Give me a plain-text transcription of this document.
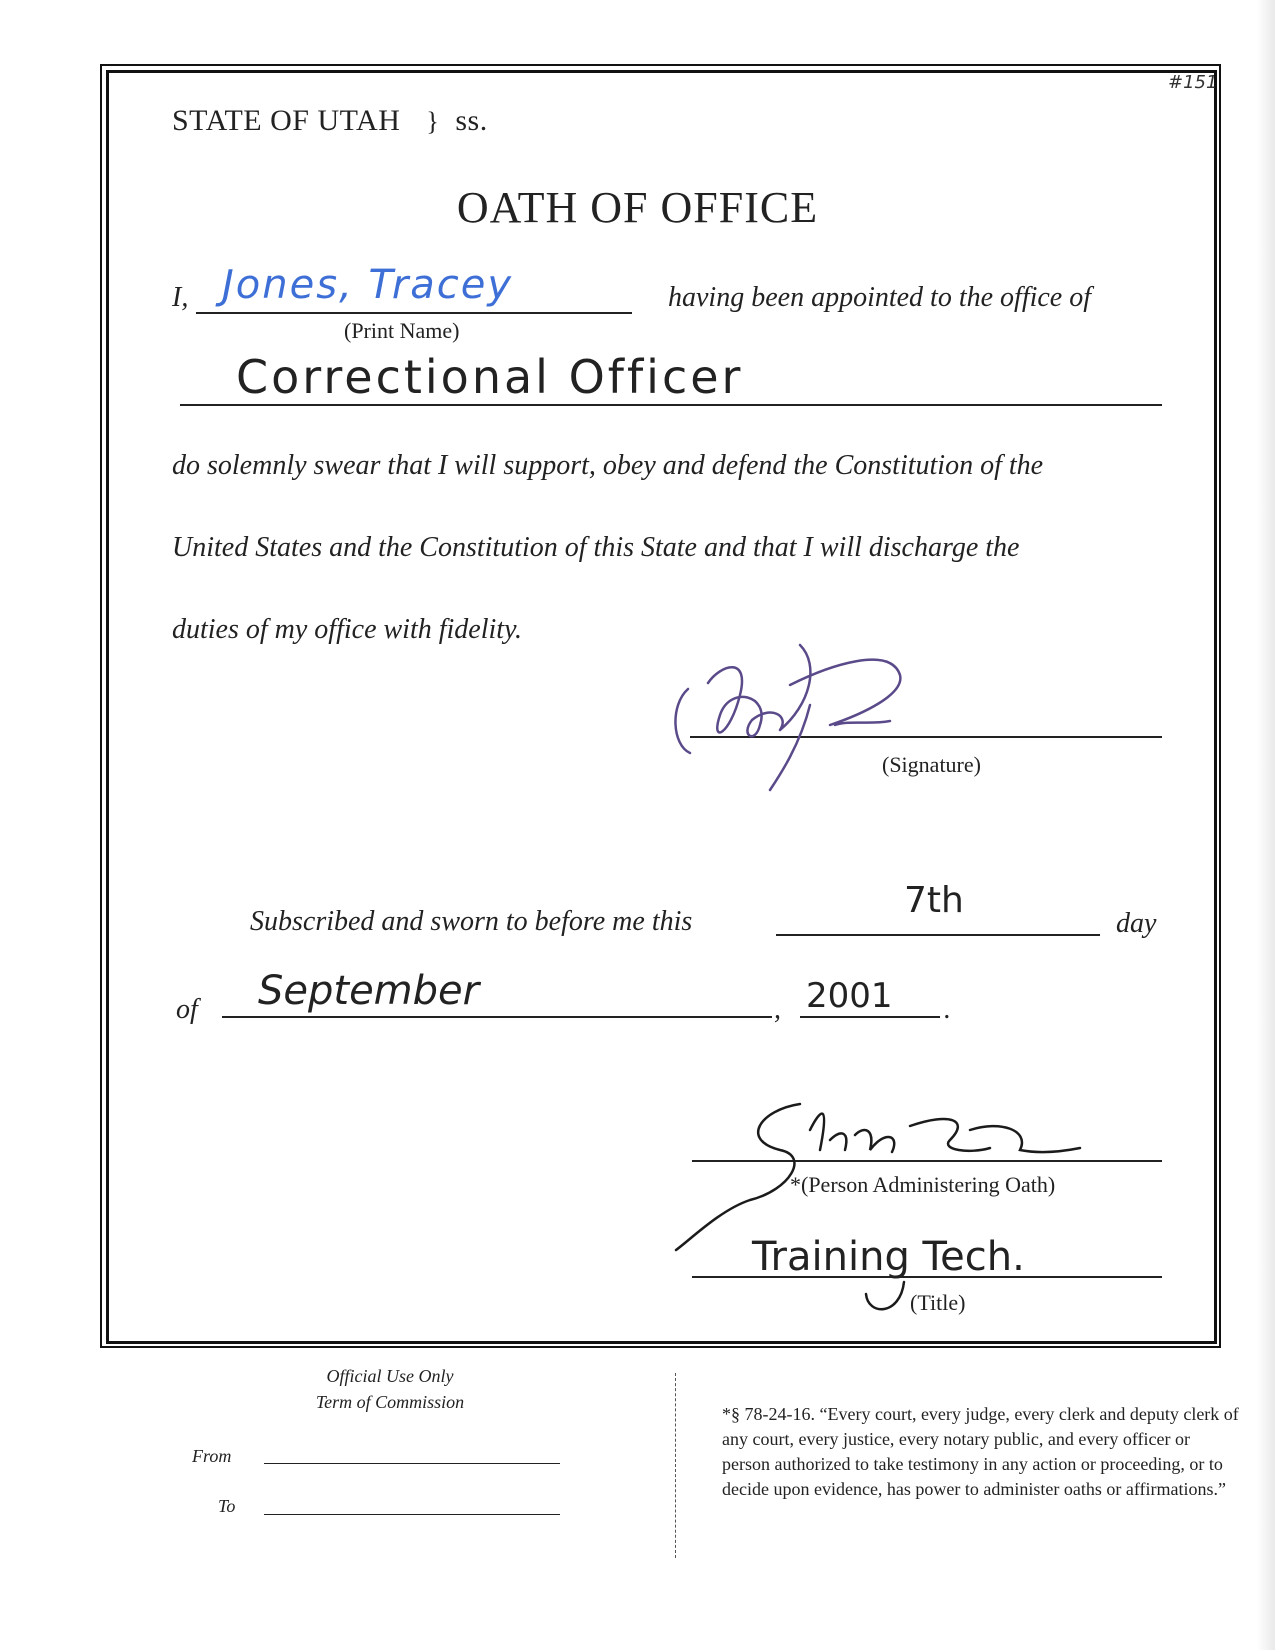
STATE OF UTAH } ss.
#151
OATH OF OFFICE
I, Jones, Tracey
(Print Name)
having been appointed to the office of
Correctional Officer
do solemnly swear that I will support, obey and defend the Constitution of the
United States and the Constitution of this State and that I will discharge the
duties of my office with fidelity.
(Signature)
Subscribed and sworn to before me this
7th
day
of September	, 2001 .
*(Person Administering Oath)
Training Tech.
(Title)
Official Use Only
Term of Commission
From
To
*§ 78-24-16. “Every court, every judge, every clerk and deputy clerk of any court, every justice, every notary public, and every officer or person authorized to take testimony in any action or proceeding, or to decide upon evidence, has power to administer oaths or affirmations.”
